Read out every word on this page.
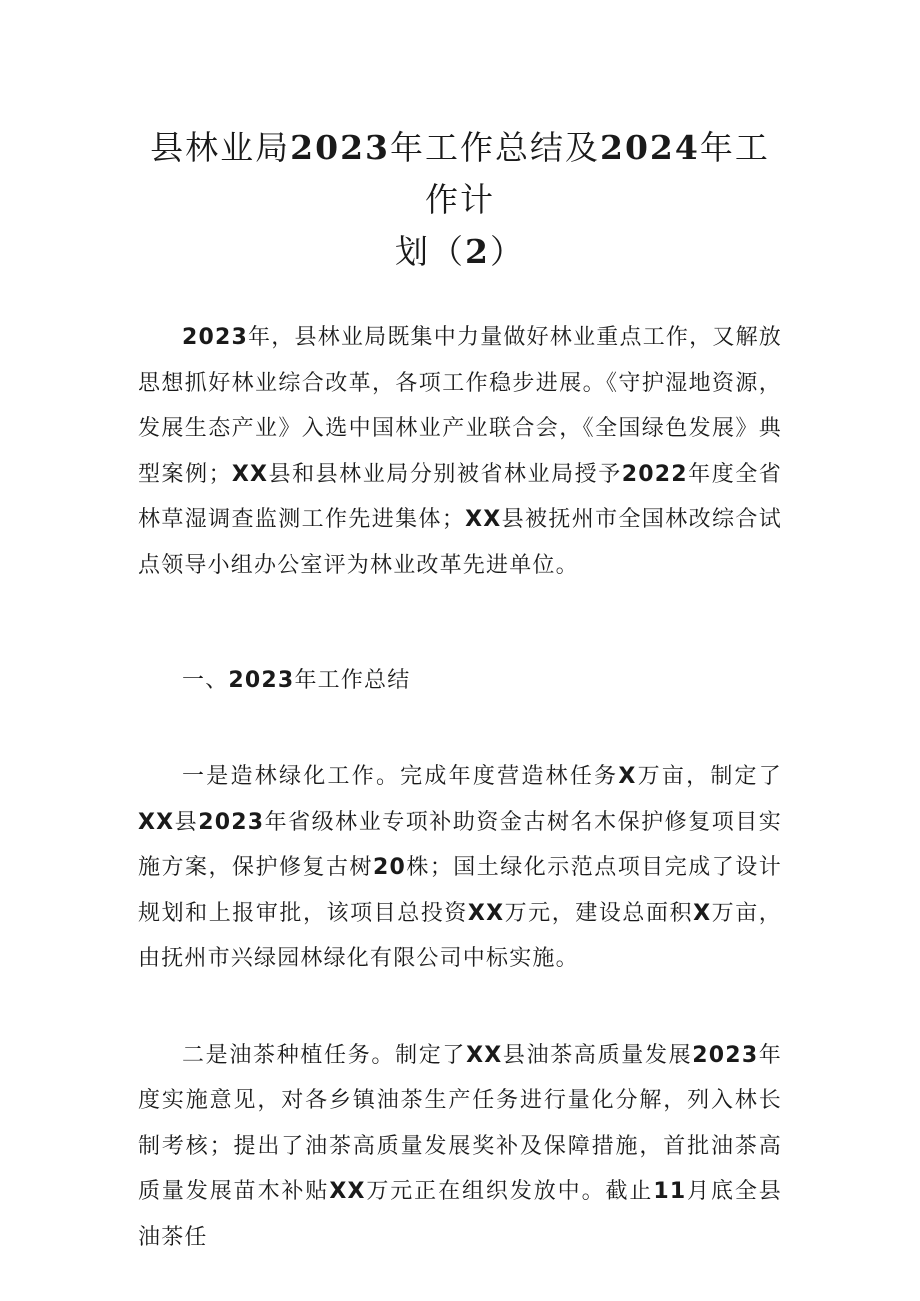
县林业局2023年工作总结及2024年工作计
划（2）

2023年，县林业局既集中力量做好林业重点工作，又解放思想抓好林业综合改革，各项工作稳步进展。《守护湿地资源，发展生态产业》入选中国林业产业联合会，《全国绿色发展》典型案例；XX县和县林业局分别被省林业局授予2022年度全省林草湿调查监测工作先进集体；XX县被抚州市全国林改综合试点领导小组办公室评为林业改革先进单位。

一、2023年工作总结

一是造林绿化工作。完成年度营造林任务X万亩，制定了XX县2023年省级林业专项补助资金古树名木保护修复项目实施方案，保护修复古树20株；国土绿化示范点项目完成了设计规划和上报审批，该项目总投资XX万元，建设总面积X万亩，由抚州市兴绿园林绿化有限公司中标实施。

二是油茶种植任务。制定了XX县油茶高质量发展2023年度实施意见，对各乡镇油茶生产任务进行量化分解，列入林长制考核；提出了油茶高质量发展奖补及保障措施，首批油茶高质量发展苗木补贴XX万元正在组织发放中。截止11月底全县油茶任
